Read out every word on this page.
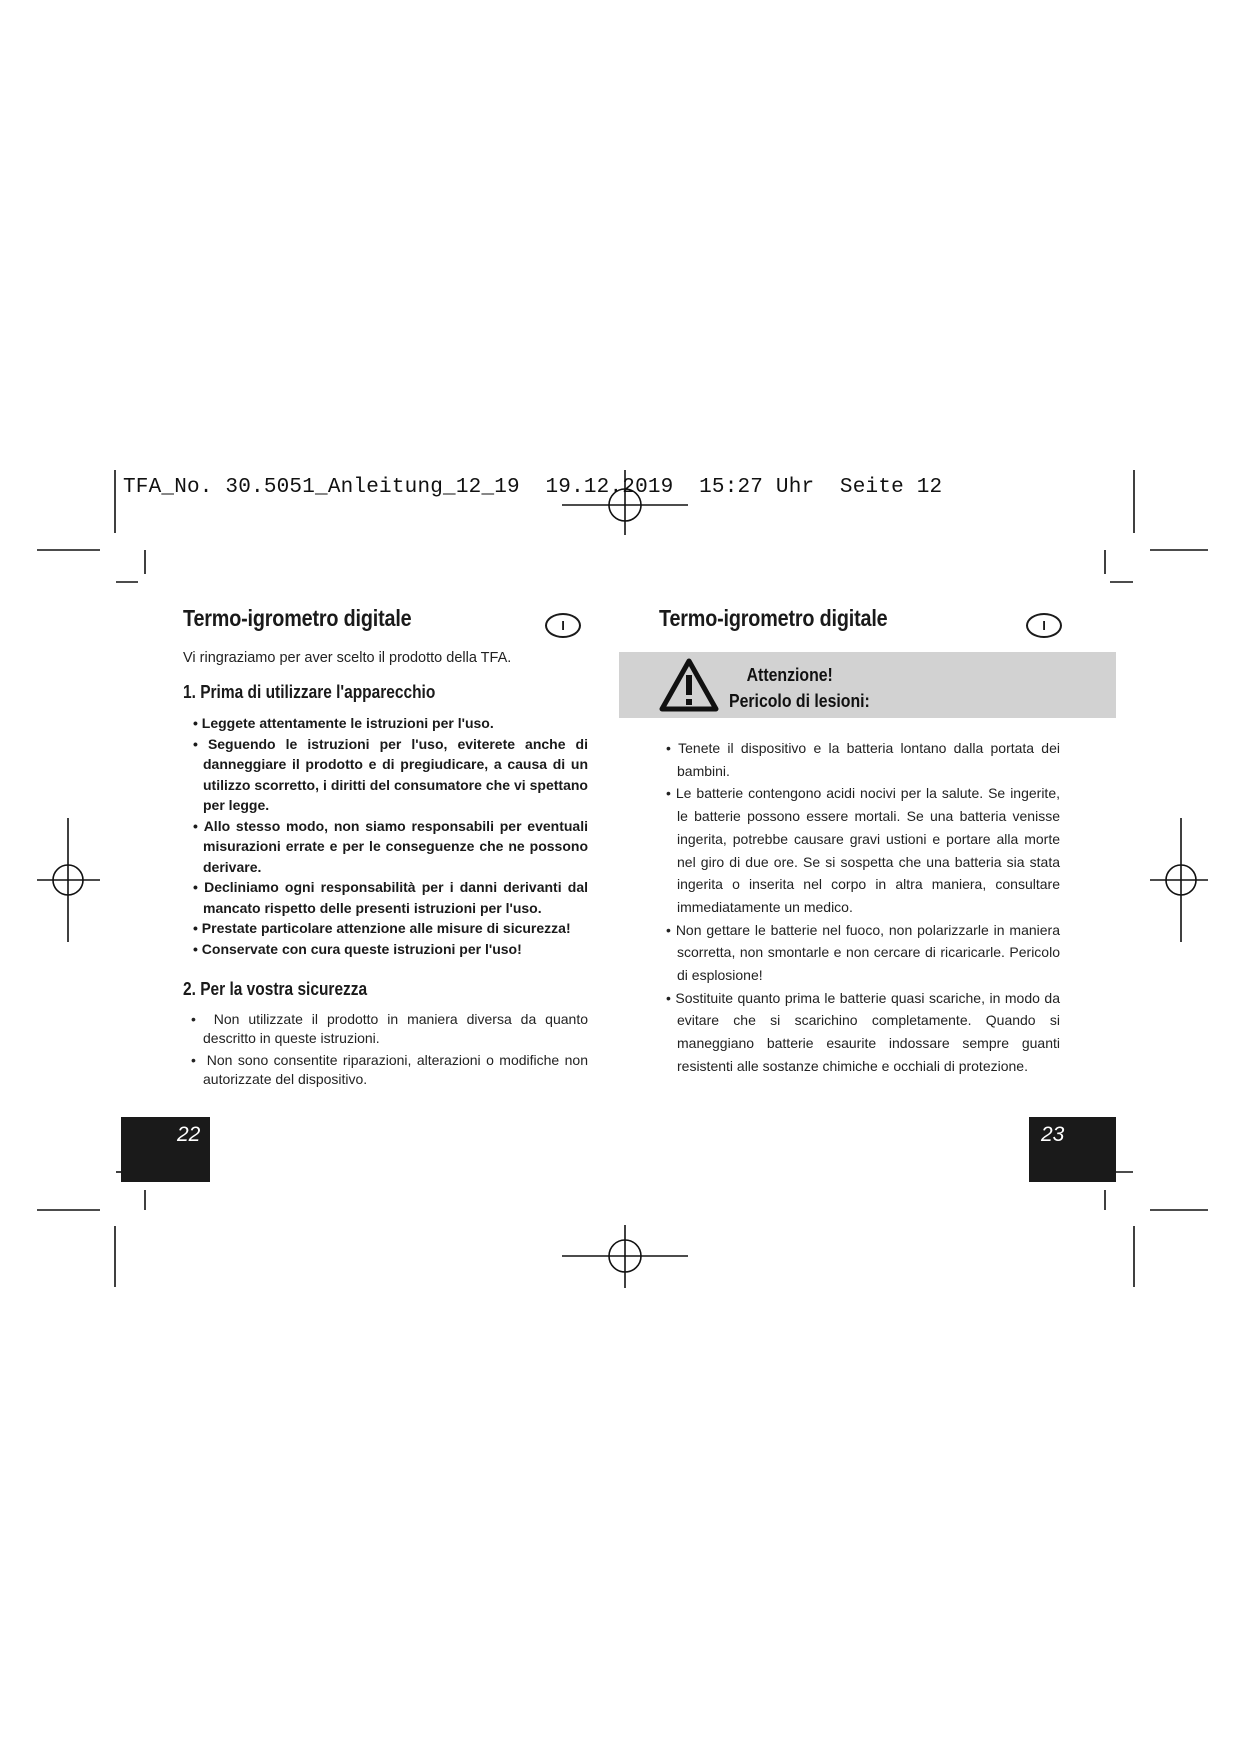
TFA_No. 30.5051_Anleitung_12_19  19.12.2019  15:27 Uhr  Seite 12
Termo-igrometro digitale	I

Vi ringraziamo per aver scelto il prodotto della TFA.

1. Prima di utilizzare l'apparecchio
• Leggete attentamente le istruzioni per l'uso.
• Seguendo le istruzioni per l'uso, eviterete anche di danneggiare il prodotto e di pregiudicare, a causa di un utilizzo scorretto, i diritti del consumatore che vi spettano per legge.
• Allo stesso modo, non siamo responsabili per eventuali misurazioni errate e per le conseguenze che ne possono derivare.
• Decliniamo ogni responsabilità per i danni derivanti dal mancato rispetto delle presenti istruzioni per l'uso.
• Prestate particolare attenzione alle misure di sicurezza!
• Conservate con cura queste istruzioni per l'uso!
2. Per la vostra sicurezza
•  Non utilizzate il prodotto in maniera diversa da quanto descritto in queste istruzioni.
•  Non sono consentite riparazioni, alterazioni o modifiche non autorizzate del dispositivo.
Termo-igrometro digitale	I
Attenzione!
Pericolo di lesioni:
• Tenete il dispositivo e la batteria lontano dalla portata dei bambini.
• Le batterie contengono acidi nocivi per la salute. Se ingerite, le batterie possono essere mortali. Se una batteria venisse ingerita, potrebbe causare gravi ustioni e portare alla morte nel giro di due ore. Se si sospetta che una batteria sia stata ingerita o inserita nel corpo in altra maniera, consultare immediatamente un medico.
• Non gettare le batterie nel fuoco, non polarizzarle in maniera scorretta, non smontarle e non cercare di ricaricarle. Pericolo di esplosione!
• Sostituite quanto prima le batterie quasi scariche, in modo da evitare che si scarichino completamente. Quando si maneggiano batterie esaurite indossare sempre guanti resistenti alle sostanze chimiche e occhiali di protezione.
22	23
